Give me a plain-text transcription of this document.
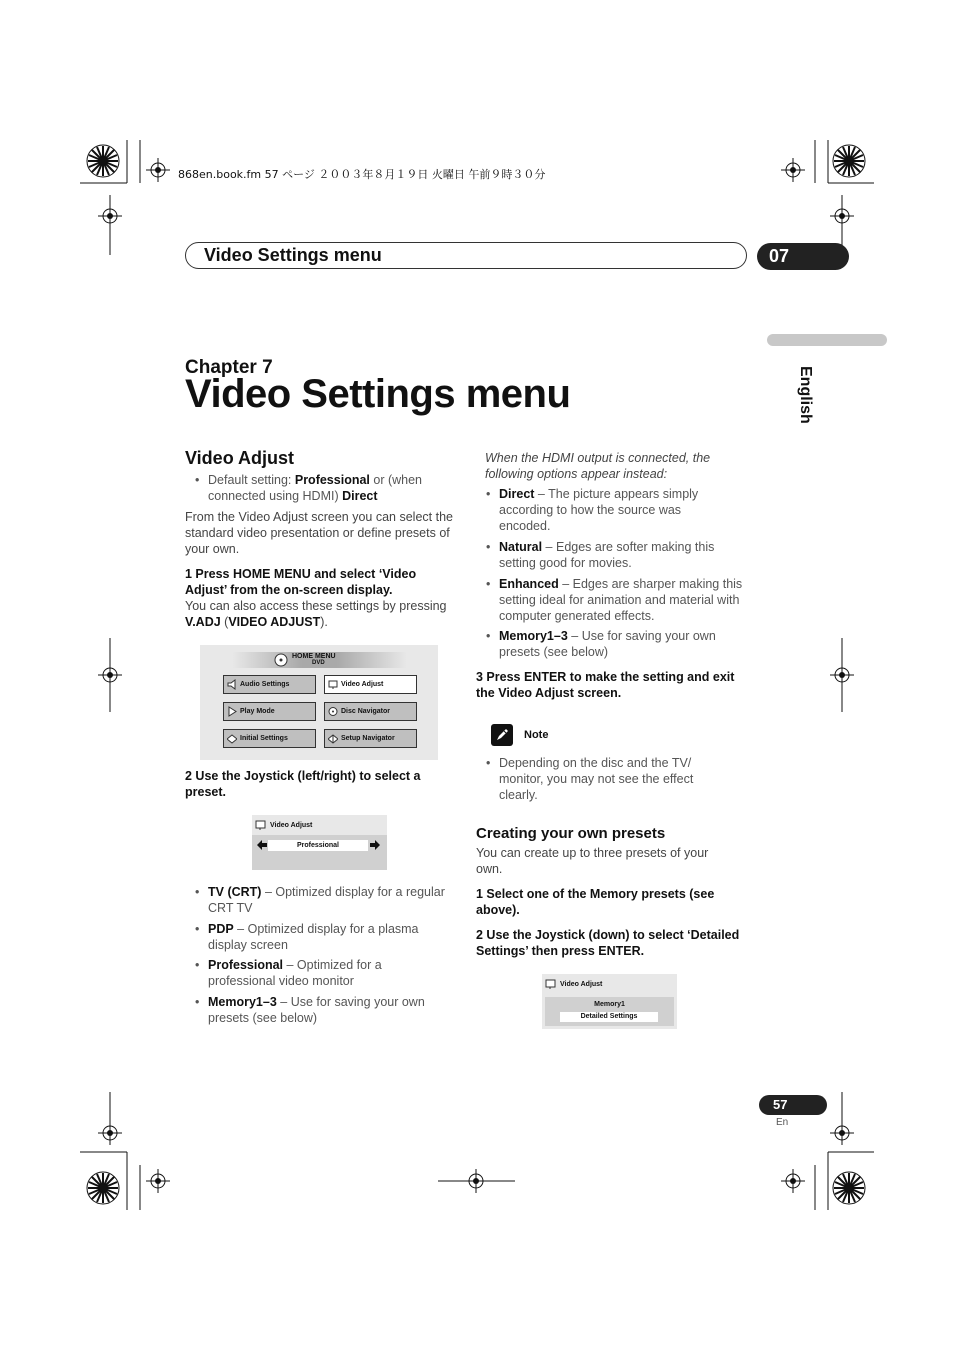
868en.book.fm 57 ページ ２００３年８月１９日 火曜日 午前９時３０分
Video Settings menu	07
English
Chapter 7
Video Settings menu
Video Adjust
• Default setting: Professional or (when connected using HDMI) Direct
From the Video Adjust screen you can select the standard video presentation or define presets of your own.
1 Press HOME MENU and select ‘Video Adjust’ from the on-screen display.
You can also access these settings by pressing V.ADJ (VIDEO ADJUST).
HOME MENU
DVD
Audio Settings	Video Adjust
Play Mode	Disc Navigator
Initial Settings	Setup Navigator
2 Use the Joystick (left/right) to select a preset.
Video Adjust
Professional
• TV (CRT) – Optimized display for a regular CRT TV
• PDP – Optimized display for a plasma display screen
• Professional – Optimized for a professional video monitor
• Memory1–3 – Use for saving your own presets (see below)
When the HDMI output is connected, the following options appear instead:
• Direct – The picture appears simply according to how the source was encoded.
• Natural – Edges are softer making this setting good for movies.
• Enhanced – Edges are sharper making this setting ideal for animation and material with computer generated effects.
• Memory1–3 – Use for saving your own presets (see below)
3 Press ENTER to make the setting and exit the Video Adjust screen.
Note
• Depending on the disc and the TV/ monitor, you may not see the effect clearly.
Creating your own presets
You can create up to three presets of your own.
1 Select one of the Memory presets (see above).
2 Use the Joystick (down) to select ‘Detailed Settings’ then press ENTER.
Video Adjust
Memory1
Detailed Settings
57
En
